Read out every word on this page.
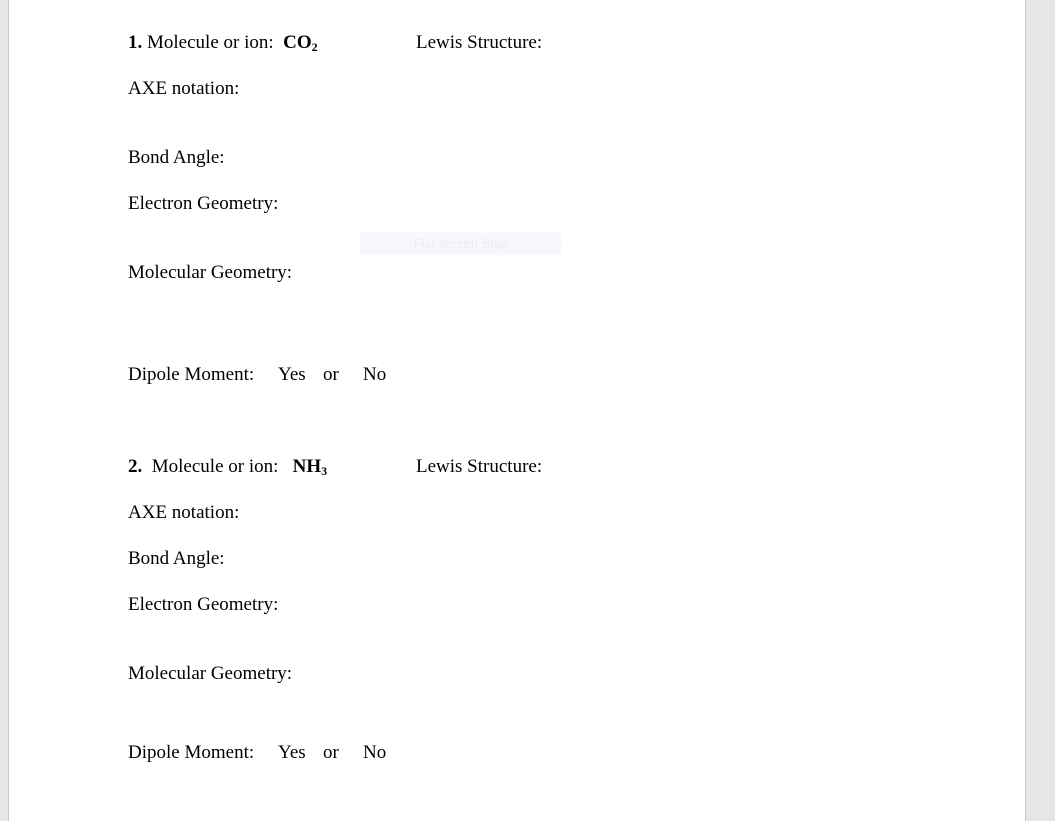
1. Molecule or ion: $CO_2$	Lewis Structure:
AXE notation:
Bond Angle:
Electron Geometry:
Molecular Geometry:
Dipole Moment: Yes or No
Full-screen Snip
2. Molecule or ion: $NH_3$	Lewis Structure:
AXE notation:
Bond Angle:
Electron Geometry:
Molecular Geometry:
Dipole Moment: Yes or No
